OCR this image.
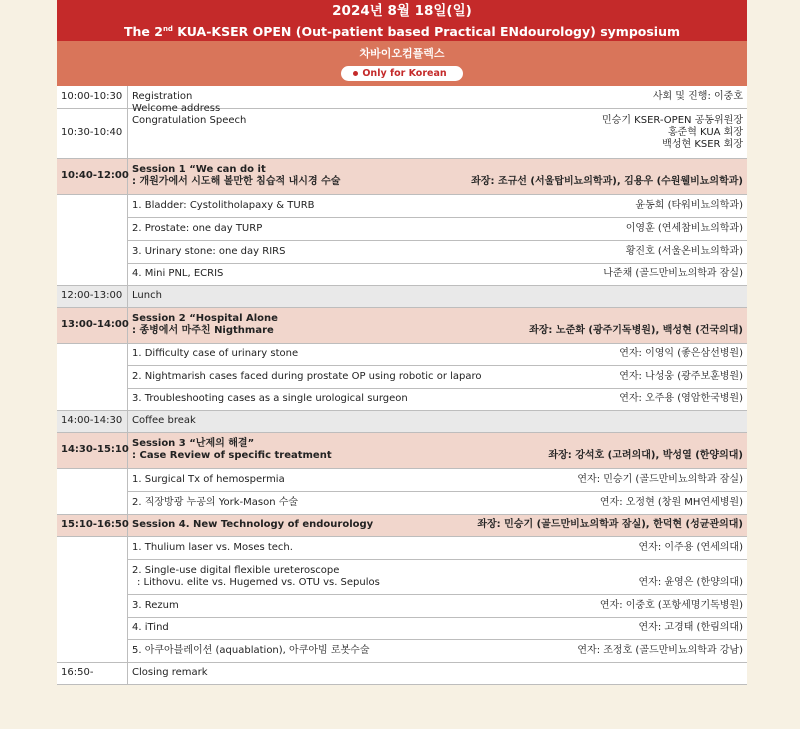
2024년 8월 18일(일)
The 2nd KUA-KSER OPEN (Out-patient based Practical ENdourology) symposium
차바이오컴플렉스
Only for Korean
10:00-10:30	Registration 사회 및 진행: 이중호

10:30-10:40	Welcome address
Congratulation Speech 민승기 KSER-OPEN 공동위원장
홍준혁 KUA 회장
백성현 KSER 회장

10:40-12:00	Session 1 “We can do it
: 개원가에서 시도해 볼만한 침습적 내시경 수술 좌장: 조규선 (서울탑비뇨의학과), 김용우 (수원웰비뇨의학과)

	1. Bladder: Cystolitholapaxy & TURB 윤동희 (타워비뇨의학과)

	2. Prostate: one day TURP 이영훈 (연세참비뇨의학과)

	3. Urinary stone: one day RIRS 황진호 (서울온비뇨의학과)

	4. Mini PNL, ECRIS 나준채 (골드만비뇨의학과 잠실)

12:00-13:00	Lunch
13:00-14:00	Session 2 “Hospital Alone
: 종병에서 마주친 Nigthmare 좌장: 노준화 (광주기독병원), 백성현 (건국의대)

	1. Difficulty case of urinary stone 연자: 이영익 (좋은삼선병원)

	2. Nightmarish cases faced during prostate OP using robotic or laparo 연자: 나성웅 (광주보훈병원)

	3. Troubleshooting cases as a single urological surgeon 연자: 오주용 (영암한국병원)

14:00-14:30	Coffee break
14:30-15:10	Session 3 “난제의 해결”
: Case Review of specific treatment 좌장: 강석호 (고려의대), 박성열 (한양의대)

	1. Surgical Tx of hemospermia 연자: 민승기 (골드만비뇨의학과 잠실)

	2. 직장방광 누공의 York-Mason 수술 연자: 오정현 (창원 MH연세병원)

15:10-16:50	Session 4. New Technology of endourology 좌장: 민승기 (골드만비뇨의학과 잠실), 한덕현 (성균관의대)

	1. Thulium laser vs. Moses tech. 연자: 이주용 (연세의대)

	2. Single-use digital flexible ureteroscope
: Lithovu. elite vs. Hugemed vs. OTU vs. Sepulos 연자: 윤영은 (한양의대)

	3. Rezum 연자: 이중호 (포항세명기독병원)

	4. iTind 연자: 고경태 (한림의대)

	5. 아쿠아블레이션 (aquablation), 아쿠아빔 로봇수술 연자: 조정호 (골드만비뇨의학과 강남)

16:50-	Closing remark
